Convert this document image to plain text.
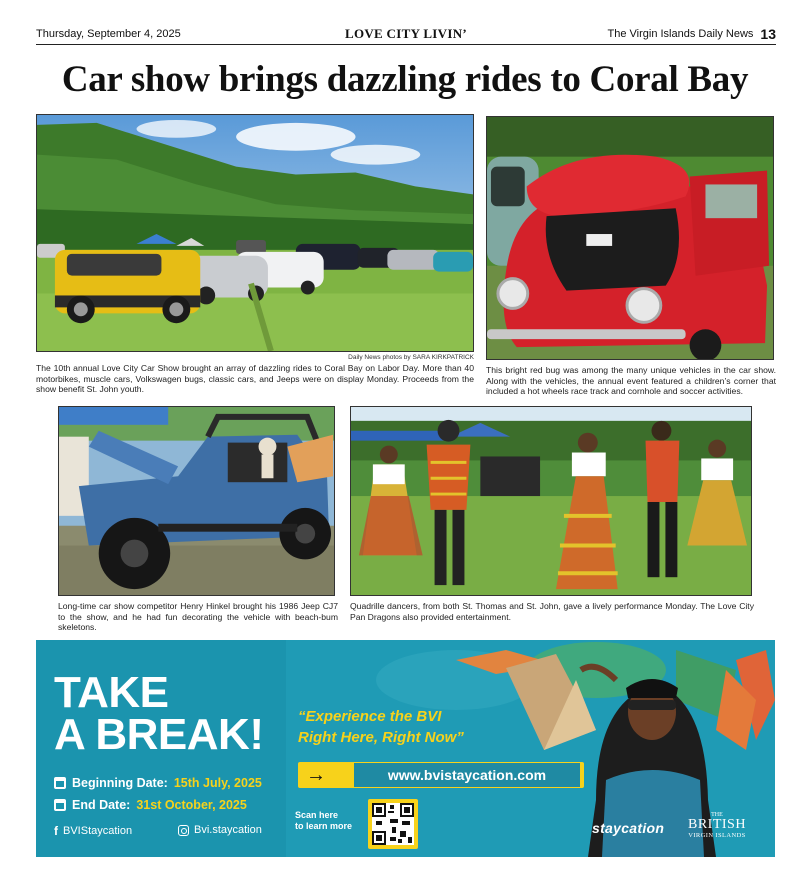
Thursday, September 4, 2025	LOVE CITY LIVIN’	The Virgin Islands Daily News 13
Car show brings dazzling rides to Coral Bay
Daily News photos by SARA KIRKPATRICK

The 10th annual Love City Car Show brought an array of dazzling rides to Coral Bay on Labor Day. More than 40 motorbikes, muscle cars, Volkswagen bugs, classic cars, and Jeeps were on display Monday. Proceeds from the show benefit St. John youth.

This bright red bug was among the many unique vehicles in the car show. Along with the vehicles, the annual event featured a children’s corner that included a hot wheels race track and cornhole and soccer activities.

Long-time car show competitor Henry Hinkel brought his 1986 Jeep CJ7 to the show, and he had fun decorating the vehicle with beach-bum skeletons.

Quadrille dancers, from both St. Thomas and St. John, gave a lively performance Monday. The Love City Pan Dragons also provided entertainment.

TAKE
A BREAK!
Beginning Date: 15th July, 2025
End Date: 31st October, 2025
f BVIStaycation	Bvi.staycation
“Experience the BVI
Right Here, Right Now”
→	www.bvistaycation.com
Scan here
to learn more	staycation
THE
BRITISH
VIRGIN ISLANDS
